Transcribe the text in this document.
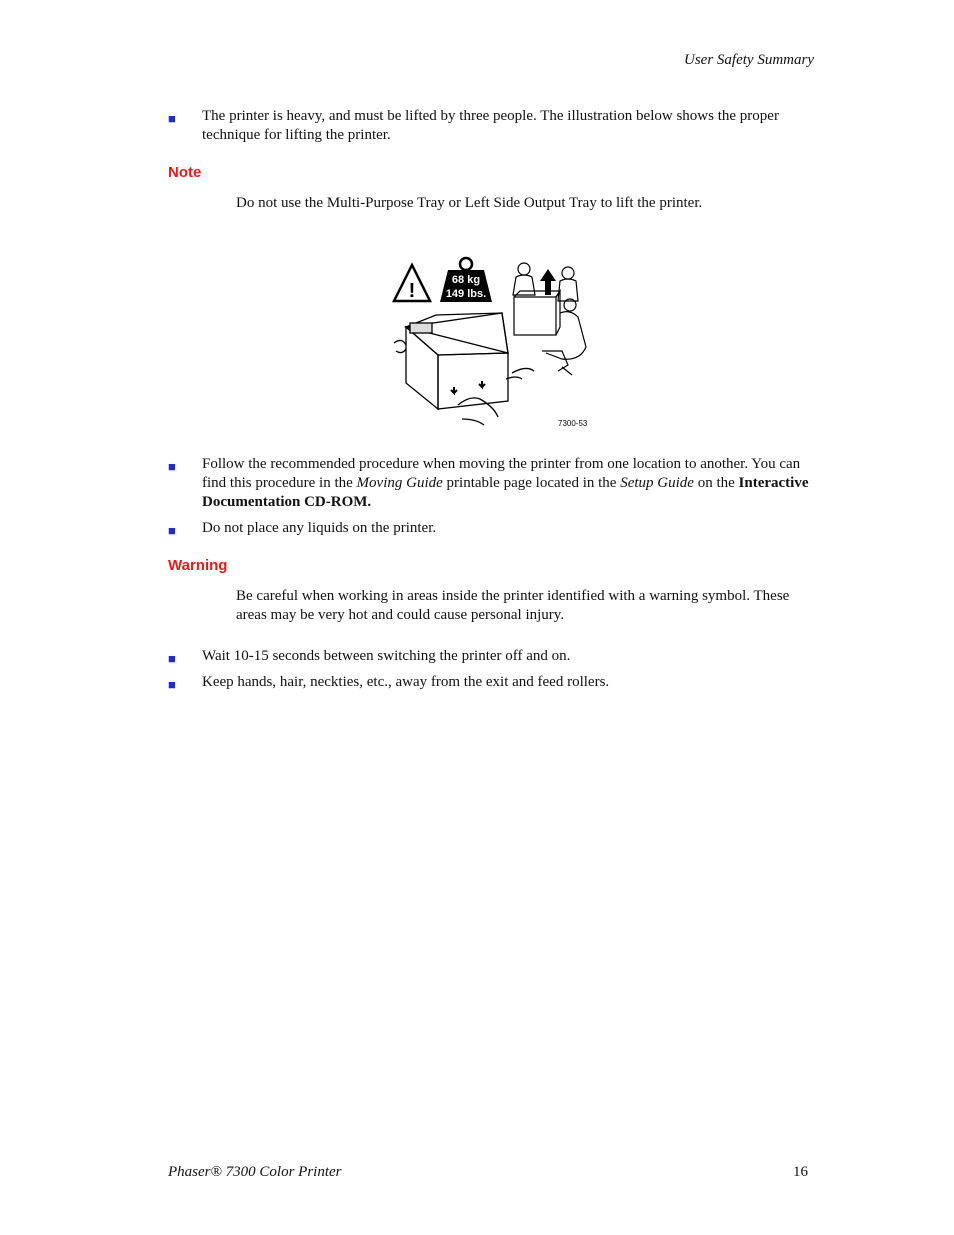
User Safety Summary
■ The printer is heavy, and must be lifted by three people. The illustration below shows the proper technique for lifting the printer.
Note
Do not use the Multi-Purpose Tray or Left Side Output Tray to lift the printer.
!	68 kg
149 lbs.
7300-53
■ Follow the recommended procedure when moving the printer from one location to another. You can find this procedure in the Moving Guide printable page located in the Setup Guide on the Interactive Documentation CD-ROM.
■ Do not place any liquids on the printer.
Warning
Be careful when working in areas inside the printer identified with a warning symbol. These areas may be very hot and could cause personal injury.
■ Wait 10-15 seconds between switching the printer off and on.
■ Keep hands, hair, neckties, etc., away from the exit and feed rollers.
Phaser® 7300 Color Printer	16
